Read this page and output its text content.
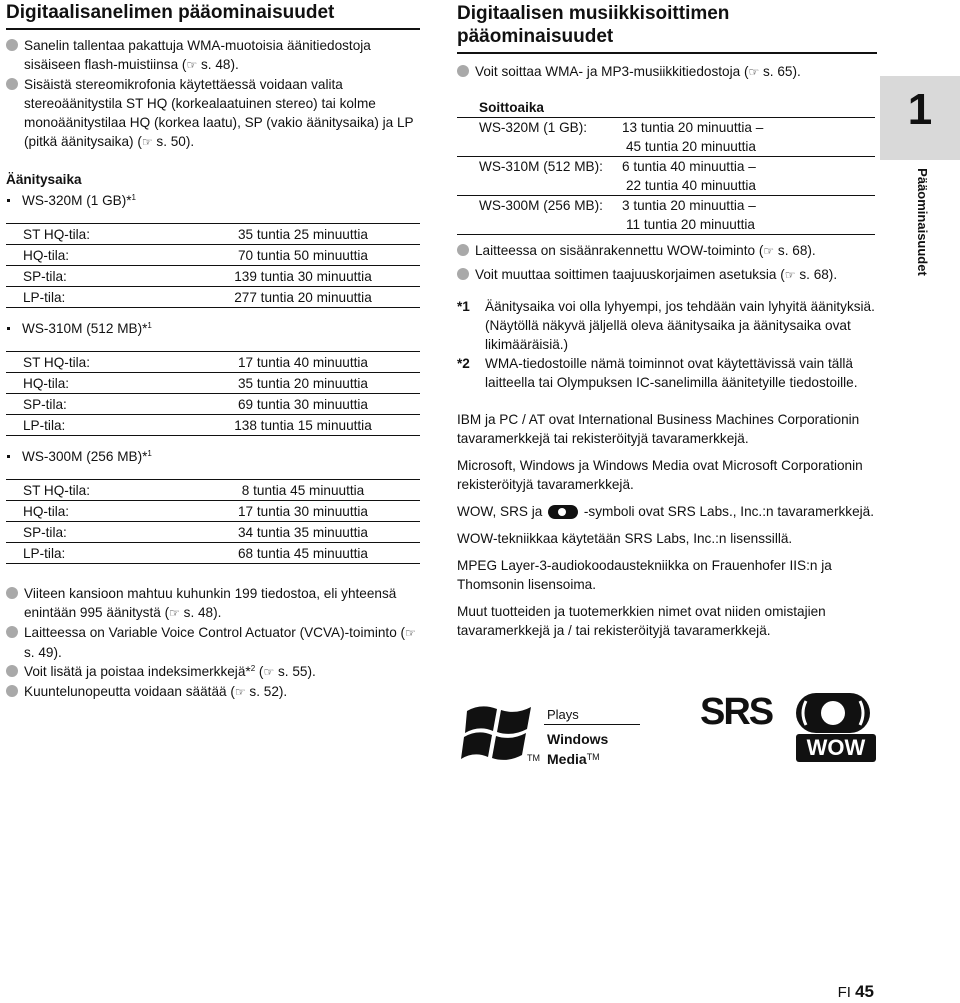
Digitaalisanelimen pääominaisuudet

Sanelin tallentaa pakattuja WMA-muotoisia äänitiedostoja sisäiseen flash-muistiinsa (☞ s. 48).

Sisäistä stereomikrofonia käytettäessä voidaan valita stereoäänitystila ST HQ (korkealaatuinen stereo) tai kolme monoäänitystilaa HQ (korkea laatu), SP (vakio äänitysaika) ja LP (pitkä äänitysaika) (☞ s. 50).

Äänitysaika

WS-320M (1 GB)*$^1$

ST HQ-tila:	35 tuntia 25 minuuttia
HQ-tila:	70 tuntia 50 minuuttia
SP-tila:	139 tuntia 30 minuuttia
LP-tila:	277 tuntia 20 minuuttia

WS-310M (512 MB)*$^1$

ST HQ-tila:	17 tuntia 40 minuuttia
HQ-tila:	35 tuntia 20 minuuttia
SP-tila:	69 tuntia 30 minuuttia
LP-tila:	138 tuntia 15 minuuttia

WS-300M (256 MB)*$^1$

ST HQ-tila:	8 tuntia 45 minuuttia
HQ-tila:	17 tuntia 30 minuuttia
SP-tila:	34 tuntia 35 minuuttia
LP-tila:	68 tuntia 45 minuuttia

Viiteen kansioon mahtuu kuhunkin 199 tiedostoa, eli yhteensä enintään 995 äänitystä (☞ s. 48).

Laitteessa on Variable Voice Control Actuator (VCVA)-toiminto (☞ s. 49).

Voit lisätä ja poistaa indeksimerkkejä*$^2$ (☞ s. 55).

Kuuntelunopeutta voidaan säätää (☞ s. 52).

Digitaalisen musiikkisoittimen pääominaisuudet

Voit soittaa WMA- ja MP3-musiikkitiedostoja (☞ s. 65).

Soittoaika

WS-320M (1 GB):	13 tuntia 20 minuuttia –
45 tuntia 20 minuuttia
WS-310M (512 MB): 6 tuntia 40 minuuttia –
22 tuntia 40 minuuttia
WS-300M (256 MB): 3 tuntia 20 minuuttia –
11 tuntia 20 minuuttia

Laitteessa on sisäänrakennettu WOW-toiminto (☞ s. 68).

Voit muuttaa soittimen taajuuskorjaimen asetuksia (☞ s. 68).

*1 Äänitysaika voi olla lyhyempi, jos tehdään vain lyhyitä äänityksiä. (Näytöllä näkyvä jäljellä oleva äänitysaika ja äänitysaika ovat likimääräisiä.)

*2 WMA-tiedostoille nämä toiminnot ovat käytettävissä vain tällä laitteella tai Olympuksen IC-sanelimilla äänitetyille tiedostoille.

IBM ja PC / AT ovat International Business Machines Corporationin tavaramerkkejä tai rekisteröityjä tavaramerkkejä.

Microsoft, Windows ja Windows Media ovat Microsoft Corporationin rekisteröityjä tavaramerkkejä.

WOW, SRS ja	-symboli ovat SRS Labs., Inc.:n tavaramerkkejä.

WOW-tekniikkaa käytetään SRS Labs, Inc.:n lisenssillä.

MPEG Layer-3-audiokoodaustekniikka on Frauenhofer IIS:n ja Thomsonin lisensoima.

Muut tuotteiden ja tuotemerkkien nimet ovat niiden omistajien tavaramerkkejä ja / tai rekisteröityjä tavaramerkkejä.

TM
Plays
Windows
Media™
SRS
WOW
1
Pääominaisuudet
FI 45
